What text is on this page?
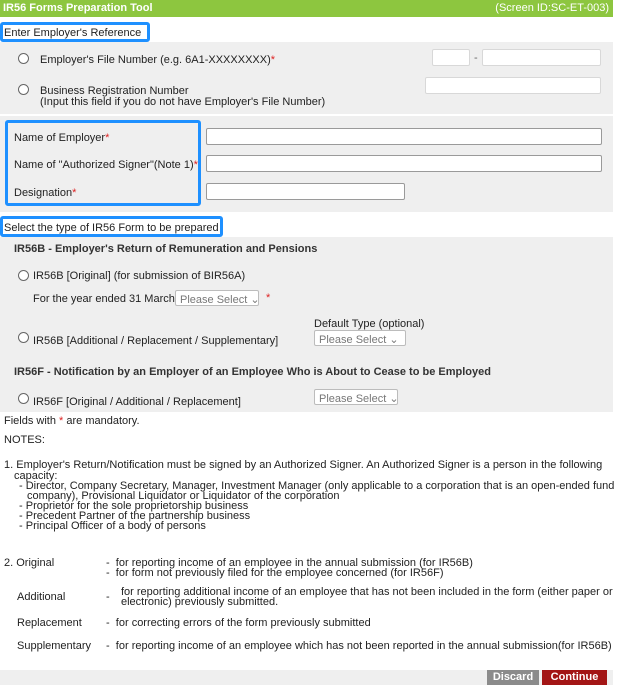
IR56 Forms Preparation Tool	(Screen ID:SC-ET-003)
Enter Employer's Reference
Employer's File Number (e.g. 6A1-XXXXXXXX)*	-
Business Registration Number
(Input this field if you do not have Employer's File Number)
Name of Employer*
Name of "Authorized Signer"(Note 1)*
Designation*
Select the type of IR56 Form to be prepared
IR56B - Employer's Return of Remuneration and Pensions
IR56B [Original] (for submission of BIR56A)
For the year ended 31 March Please Select ⌄ *
Default Type (optional)
IR56B [Additional / Replacement / Supplementary]	Please Select ⌄
IR56F - Notification by an Employer of an Employee Who is About to Cease to be Employed
IR56F [Original / Additional / Replacement]	Please Select ⌄
Fields with * are mandatory.
NOTES:
1. Employer's Return/Notification must be signed by an Authorized Signer. An Authorized Signer is a person in the following
capacity:
- Director, Company Secretary, Manager, Investment Manager (only applicable to a corporation that is an open-ended fund
company), Provisional Liquidator or Liquidator of the corporation
- Proprietor for the sole proprietorship business
- Precedent Partner of the partnership business
- Principal Officer of a body of persons
2. Original	- for reporting income of an employee in the annual submission (for IR56B)
- for form not previously filed for the employee concerned (for IR56F)
Additional	- for reporting additional income of an employee that has not been included in the form (either paper or
electronic) previously submitted.
Replacement - for correcting errors of the form previously submitted
Supplementary - for reporting income of an employee which has not been reported in the annual submission(for IR56B)
Discard	Continue
